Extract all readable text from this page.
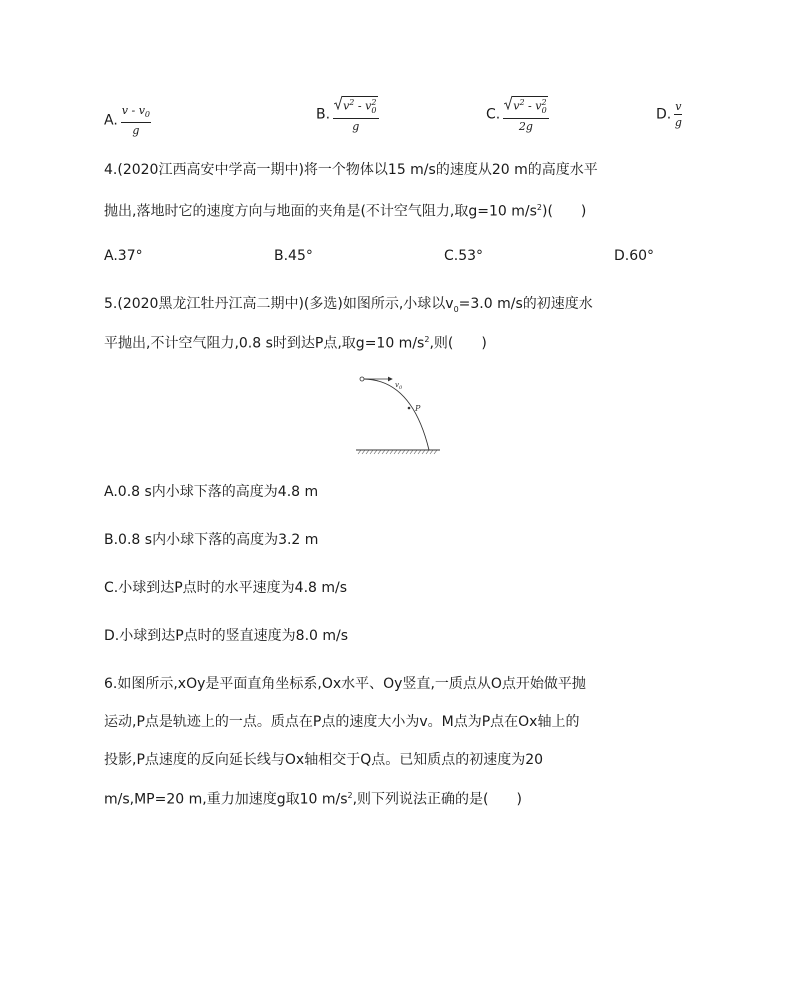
A. $\frac{v - v_0}{g}$	B. $\frac{v^2 - v^2_0}{g}$	C. $\frac{v^2 - v^2_0}{2g}$	D. $\frac{v}{g}$
4.(2020江西高安中学高一期中)将一个物体以15 m/s的速度从20 m的高度水平
抛出,落地时它的速度方向与地面的夹角是(不计空气阻力,取g=10 $m/s^2$)(　　)
A.37°	B.45°	C.53°	D.60°
5.(2020黑龙江牡丹江高二期中)(多选)如图所示,小球以$v_0=3.0$ m/s的初速度水
平抛出,不计空气阻力,0.8 s时到达P点,取g=10 $m/s^2$,则(　　)
$v_0$
P
A.0.8 s内小球下落的高度为4.8 m
B.0.8 s内小球下落的高度为3.2 m
C.小球到达P点时的水平速度为4.8 m/s
D.小球到达P点时的竖直速度为8.0 m/s
6.如图所示,xOy是平面直角坐标系,Ox水平、Oy竖直,一质点从O点开始做平抛
运动,P点是轨迹上的一点。质点在P点的速度大小为v。M点为P点在Ox轴上的
投影,P点速度的反向延长线与Ox轴相交于Q点。已知质点的初速度为20
m/s,MP=20 m,重力加速度g取10 $m/s^2$,则下列说法正确的是(　　)
